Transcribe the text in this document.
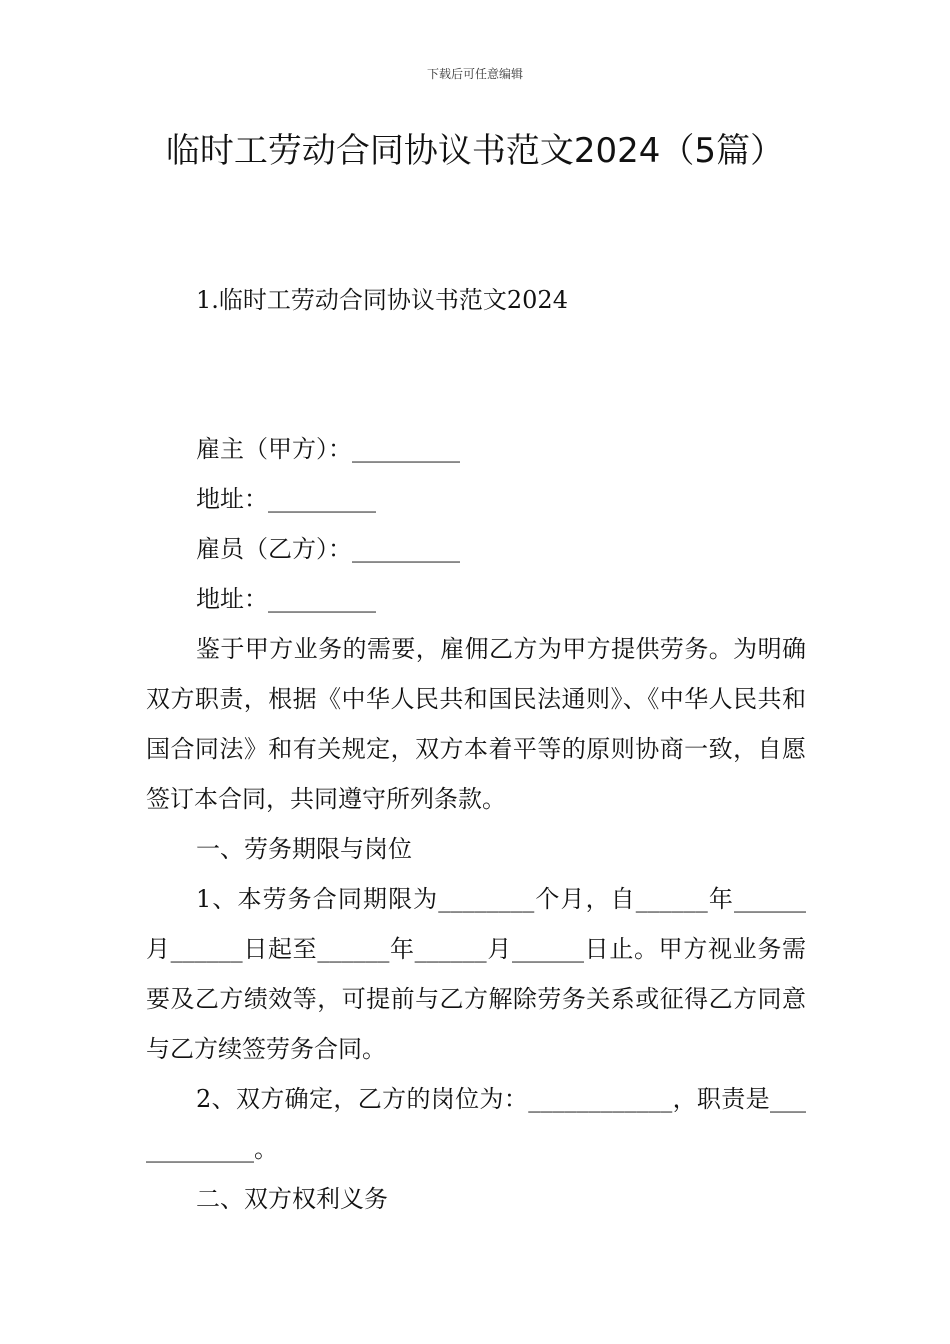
下载后可任意编辑
临时工劳动合同协议书范文2024（5篇）
1.临时工劳动合同协议书范文2024

雇主（甲方）：_________

地址：_________

雇员（乙方）：_________

地址：_________

鉴于甲方业务的需要，雇佣乙方为甲方提供劳务。为明确双方职责，根据《中华人民共和国民法通则》、《中华人民共和国合同法》和有关规定，双方本着平等的原则协商一致，自愿签订本合同，共同遵守所列条款。

一、劳务期限与岗位

1、本劳务合同期限为________个月，自______年______月______日起至______年______月______日止。甲方视业务需要及乙方绩效等，可提前与乙方解除劳务关系或征得乙方同意与乙方续签劳务合同。

2、双方确定，乙方的岗位为：____________，职责是____________。

二、双方权利义务
